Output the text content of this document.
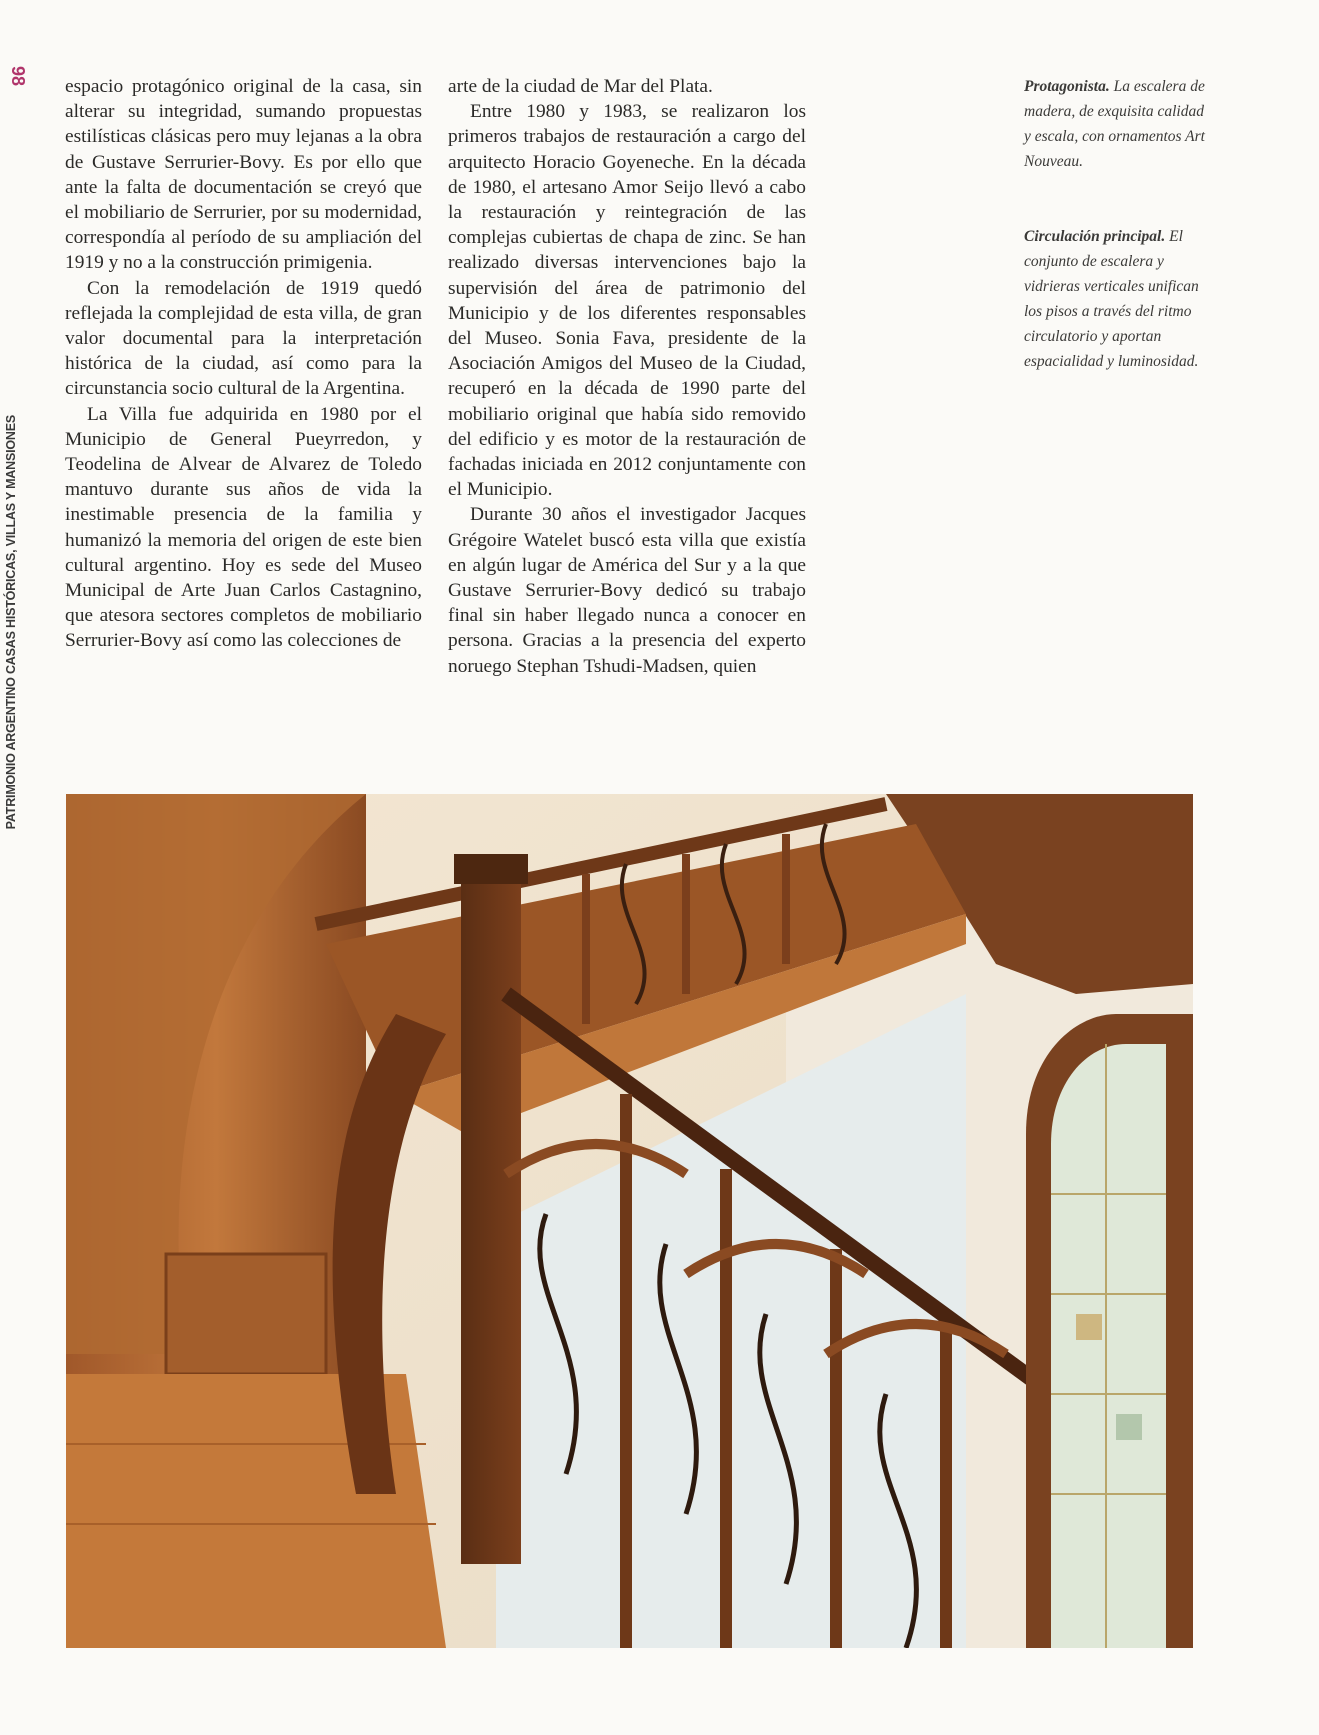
98
PATRIMONIO ARGENTINO CASAS HISTÓRICAS, VILLAS Y MANSIONES

espacio protagónico original de la casa, sin alterar su integridad, sumando propuestas estilísticas clásicas pero muy lejanas a la obra de Gustave Serrurier-Bovy. Es por ello que ante la falta de documentación se creyó que el mobiliario de Serrurier, por su modernidad, correspondía al período de su ampliación del 1919 y no a la construcción primigenia.

Con la remodelación de 1919 quedó reflejada la complejidad de esta villa, de gran valor documental para la interpretación histórica de la ciudad, así como para la circunstancia socio cultural de la Argentina.

La Villa fue adquirida en 1980 por el Municipio de General Pueyrredon, y Teodelina de Alvear de Alvarez de Toledo mantuvo durante sus años de vida la inestimable presencia de la familia y humanizó la memoria del origen de este bien cultural argentino. Hoy es sede del Museo Municipal de Arte Juan Carlos Castagnino, que atesora sectores completos de mobiliario Serrurier-Bovy así como las colecciones de

arte de la ciudad de Mar del Plata.

Entre 1980 y 1983, se realizaron los primeros trabajos de restauración a cargo del arquitecto Horacio Goyeneche. En la década de 1980, el artesano Amor Seijo llevó a cabo la restauración y reintegración de las complejas cubiertas de chapa de zinc. Se han realizado diversas intervenciones bajo la supervisión del área de patrimonio del Municipio y de los diferentes responsables del Museo. Sonia Fava, presidente de la Asociación Amigos del Museo de la Ciudad, recuperó en la década de 1990 parte del mobiliario original que había sido removido del edificio y es motor de la restauración de fachadas iniciada en 2012 conjuntamente con el Municipio.

Durante 30 años el investigador Jacques Grégoire Watelet buscó esta villa que existía en algún lugar de América del Sur y a la que Gustave Serrurier-Bovy dedicó su trabajo final sin haber llegado nunca a conocer en persona. Gracias a la presencia del experto noruego Stephan Tshudi-Madsen, quien

Protagonista. La escalera de madera, de exquisita calidad y escala, con ornamentos Art Nouveau.
Circulación principal. El conjunto de escalera y vidrieras verticales unifican los pisos a través del ritmo circulatorio y aportan espacialidad y luminosidad.
